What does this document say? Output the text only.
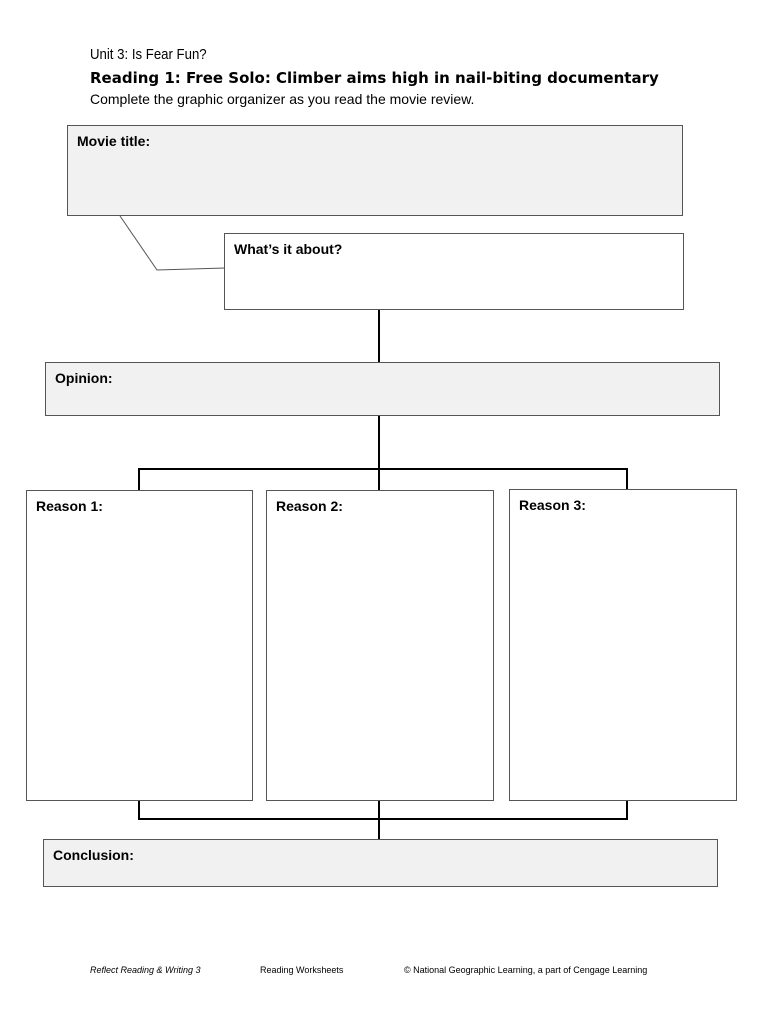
Unit 3: Is Fear Fun?
Reading 1: Free Solo: Climber aims high in nail-biting documentary
Complete the graphic organizer as you read the movie review.
Movie title:
What’s it about?
Opinion:
Reason 1:	Reason 2:	Reason 3:
Conclusion:
Reflect Reading & Writing 3	Reading Worksheets	© National Geographic Learning, a part of Cengage Learning
